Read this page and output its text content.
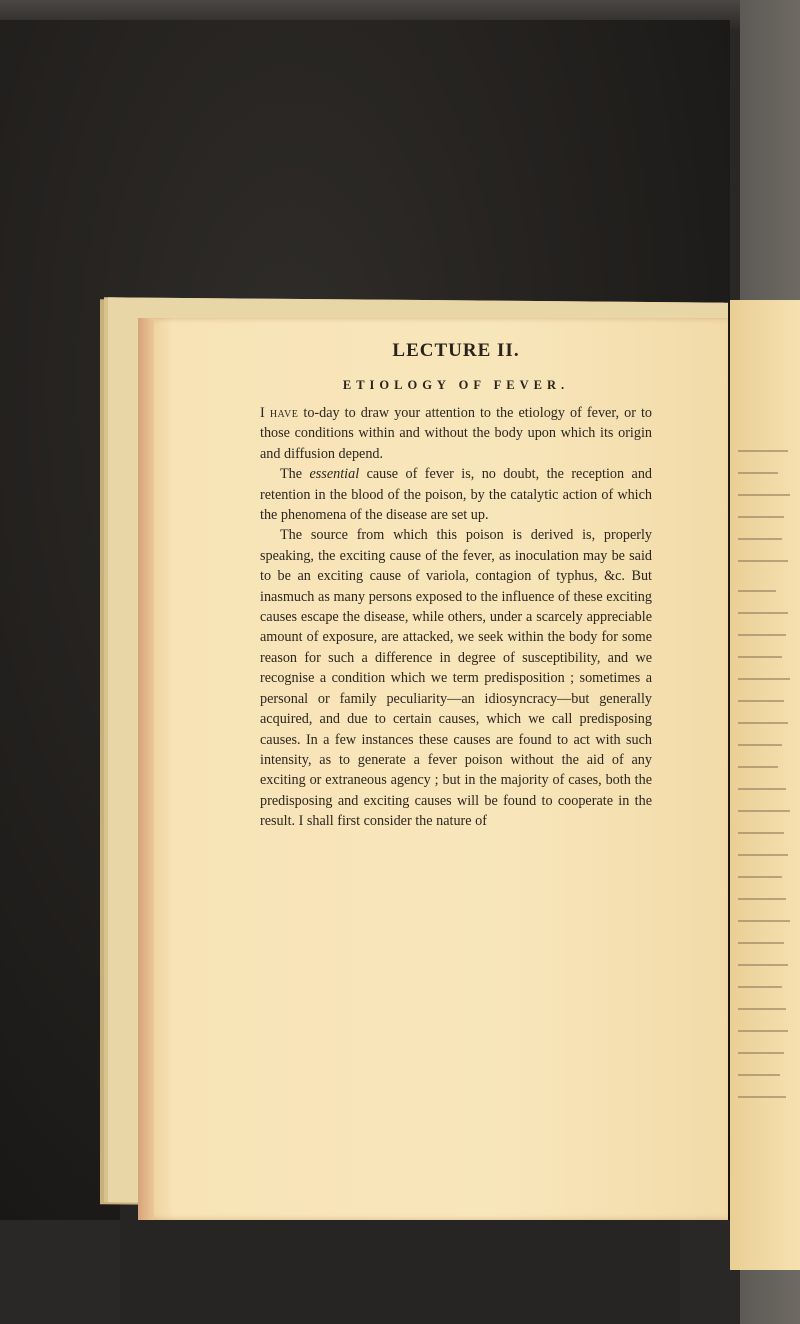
LECTURE II.
ETIOLOGY OF FEVER.

I have to-day to draw your attention to the etiology of fever, or to those conditions within and without the body upon which its origin and diffusion depend.

The essential cause of fever is, no doubt, the reception and retention in the blood of the poison, by the catalytic action of which the phenomena of the disease are set up.

The source from which this poison is derived is, properly speaking, the exciting cause of the fever, as inoculation may be said to be an exciting cause of variola, contagion of typhus, &c. But inasmuch as many persons exposed to the influence of these exciting causes escape the disease, while others, under a scarcely appreciable amount of exposure, are attacked, we seek within the body for some reason for such a difference in degree of susceptibility, and we recognise a condition which we term predisposition ; sometimes a personal or family peculiarity—an idiosyncracy—but generally acquired, and due to certain causes, which we call predisposing causes. In a few instances these causes are found to act with such intensity, as to generate a fever poison without the aid of any exciting or extraneous agency ; but in the majority of cases, both the predisposing and exciting causes will be found to cooperate in the result. I shall first consider the nature of
